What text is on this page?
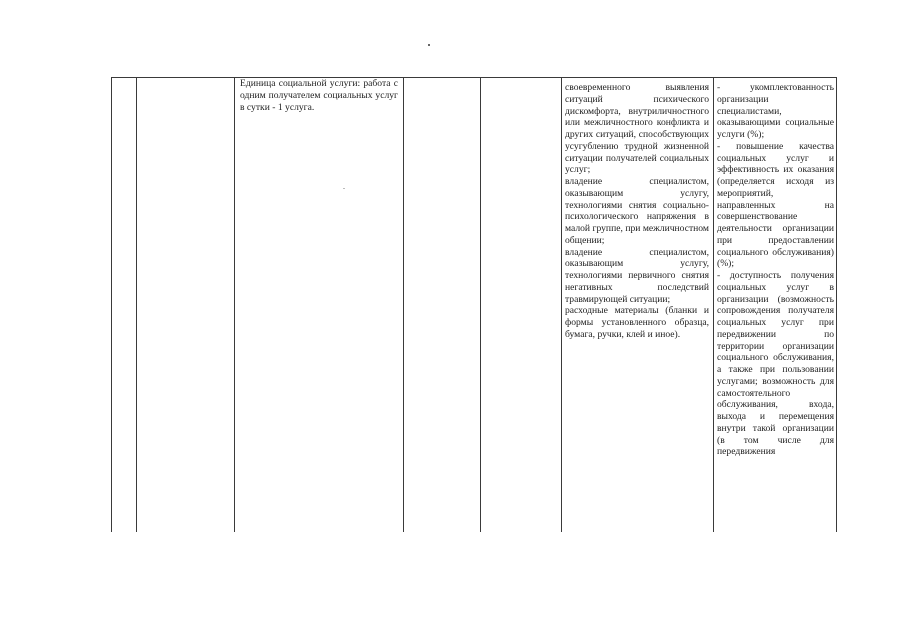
Единица социальной услуги: работа с одним получателем социальных услуг в сутки - 1 услуга.

своевременного выявления ситуаций психического дискомфорта, внутриличностного или межличностного конфликта и других ситуаций, способствующих усугублению трудной жизненной ситуации получателей социальных услуг;

владение специалистом, оказывающим услугу, технологиями снятия социально-психологического напряжения в малой группе, при межличностном общении;

владение специалистом, оказывающим услугу, технологиями первичного снятия негативных последствий травмирующей ситуации;

расходные материалы (бланки и формы установленного образца, бумага, ручки, клей и иное).

- укомплектованность организации специалистами, оказывающими социальные услуги (%);

- повышение качества социальных услуг и эффективность их оказания (определяется исходя из мероприятий, направленных на совершенствование деятельности организации при предоставлении социального обслуживания) (%);

- доступность получения социальных услуг в организации (возможность сопровождения получателя социальных услуг при передвижении по территории организации социального обслуживания, а также при пользовании услугами; возможность для самостоятельного обслуживания, входа, выхода и перемещения внутри такой организации (в том числе для передвижения
